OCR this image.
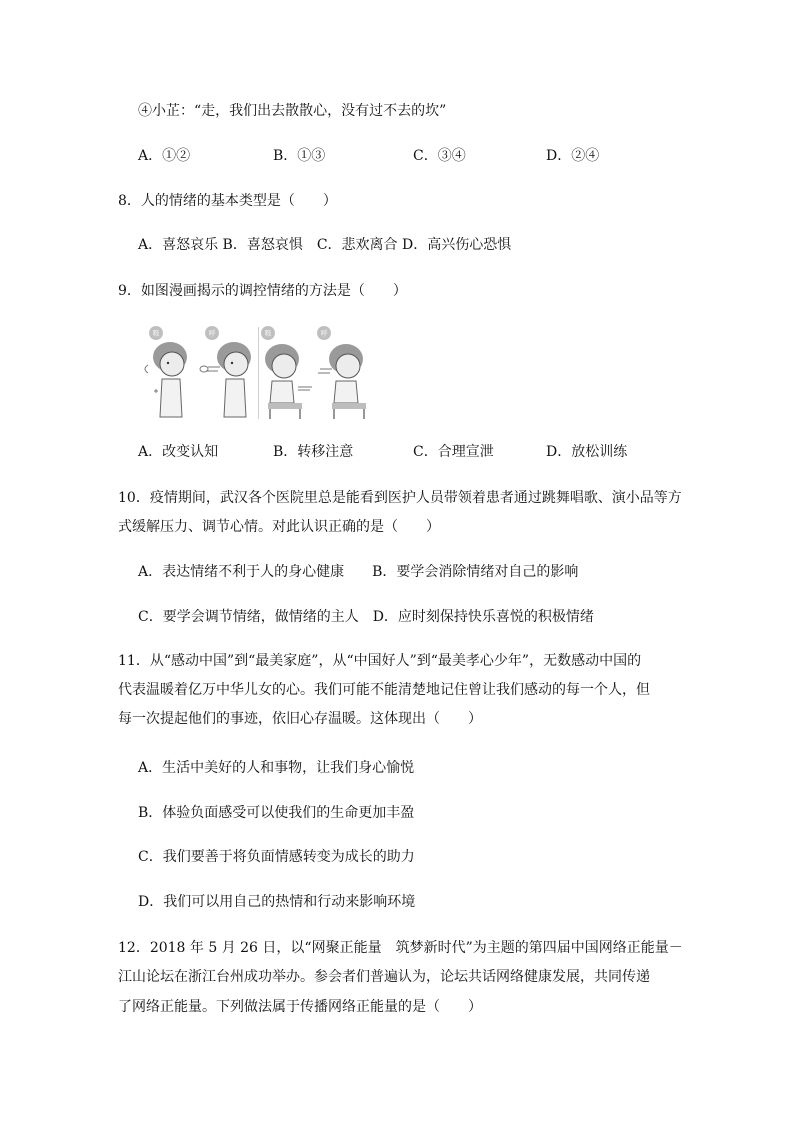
④小芷：“走，我们出去散散心，没有过不去的坎”
A．①②	B．①③	C．③④	D．②④
8．人的情绪的基本类型是（　　）
A．喜怒哀乐 B．喜怒哀惧　C．悲欢离合 D．高兴伤心恐惧
9．如图漫画揭示的调控情绪的方法是（　　）
吸	呼	吸	呼
A．改变认知	B．转移注意	C．合理宣泄	D．放松训练
10．疫情期间，武汉各个医院里总是能看到医护人员带领着患者通过跳舞唱歌、演小品等方
式缓解压力、调节心情。对此认识正确的是（　　）
A．表达情绪不利于人的身心健康　　B．要学会消除情绪对自己的影响
C．要学会调节情绪，做情绪的主人　D．应时刻保持快乐喜悦的积极情绪
11．从“感动中国”到“最美家庭”，从“中国好人”到“最美孝心少年”，无数感动中国的
代表温暖着亿万中华儿女的心。我们可能不能清楚地记住曾让我们感动的每一个人，但
每一次提起他们的事迹，依旧心存温暖。这体现出（　　）
A．生活中美好的人和事物，让我们身心愉悦
B．体验负面感受可以使我们的生命更加丰盈
C．我们要善于将负面情感转变为成长的助力
D．我们可以用自己的热情和行动来影响环境
12．2018 年 5 月 26 日，以“网聚正能量　筑梦新时代”为主题的第四届中国网络正能量－
江山论坛在浙江台州成功举办。参会者们普遍认为，论坛共话网络健康发展，共同传递
了网络正能量。下列做法属于传播网络正能量的是（　　）
